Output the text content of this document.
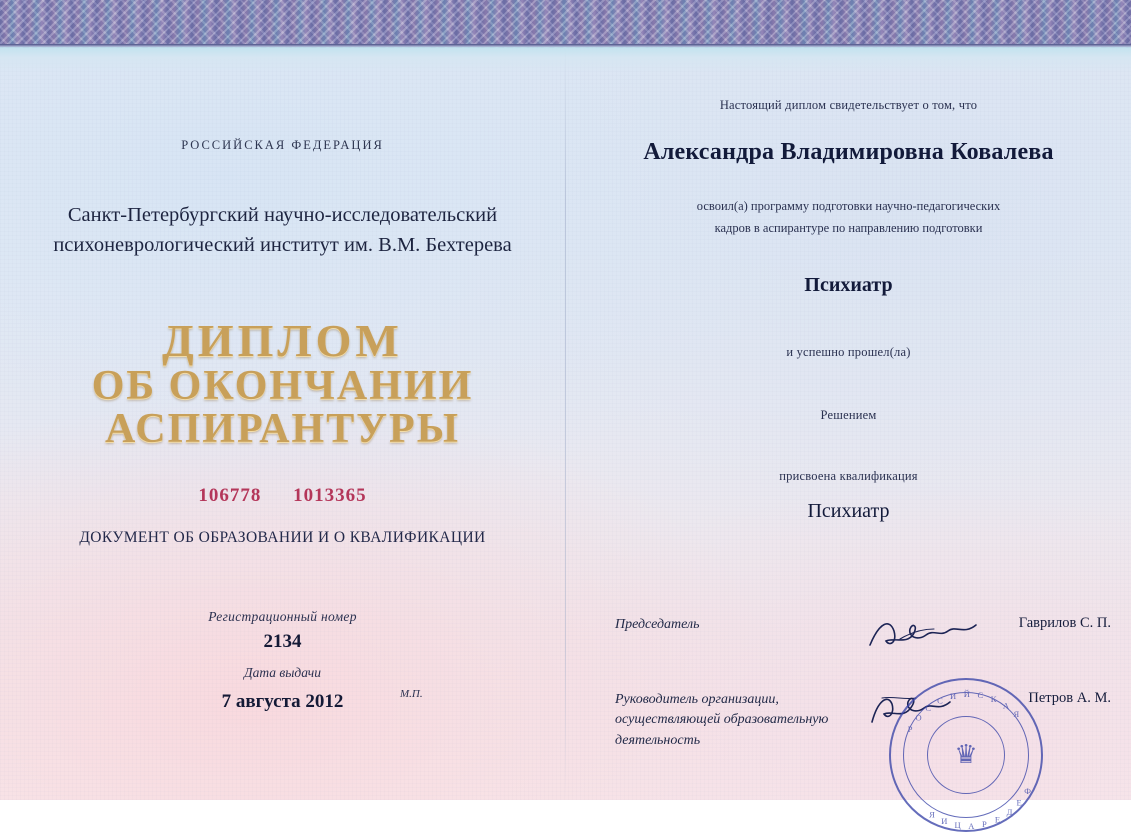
РОССИЙСКАЯ ФЕДЕРАЦИЯ
Санкт-Петербургский научно-исследовательский
психоневрологический институт им. В.М. Бехтерева
ДИПЛОМ
ОБ ОКОНЧАНИИ
АСПИРАНТУРЫ
106778 1013365
ДОКУМЕНТ ОБ ОБРАЗОВАНИИ И О КВАЛИФИКАЦИИ
Регистрационный номер
2134
Дата выдачи
7 августа 2012
Настоящий диплом свидетельствует о том, что
Александра Владимировна Ковалева
освоил(а) программу подготовки научно-педагогических
кадров в аспирантуре по направлению подготовки
Психиатр
и успешно прошел(ла)
Решением
присвоена квалификация
Психиатр
Председатель	Гаврилов С. П.
Руководитель организации,
осуществляющей образовательную
деятельность
Петров А. М.
М.П.
Р
О
С
С И Й С К
А
Я
Ф
Е
Д
Е
Р
А
Ц
И
Я
♛
